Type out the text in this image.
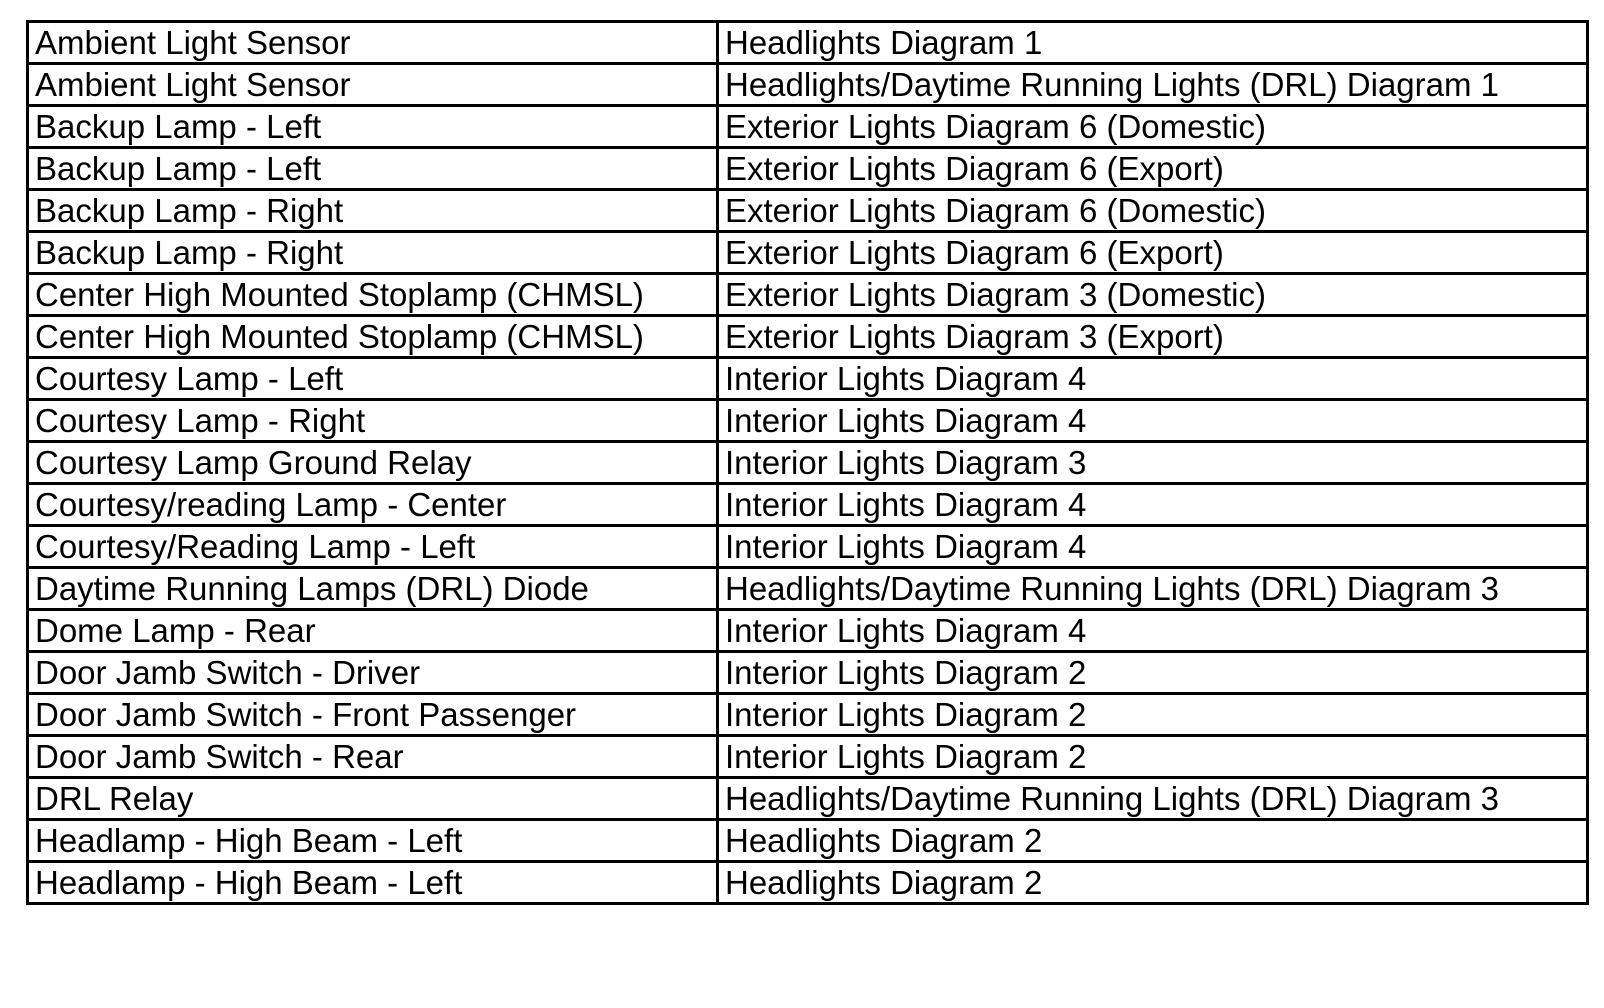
Ambient Light Sensor	Headlights Diagram 1
Ambient Light Sensor	Headlights/Daytime Running Lights (DRL) Diagram 1
Backup Lamp - Left	Exterior Lights Diagram 6 (Domestic)
Backup Lamp - Left	Exterior Lights Diagram 6 (Export)
Backup Lamp - Right	Exterior Lights Diagram 6 (Domestic)
Backup Lamp - Right	Exterior Lights Diagram 6 (Export)
Center High Mounted Stoplamp (CHMSL)	Exterior Lights Diagram 3 (Domestic)
Center High Mounted Stoplamp (CHMSL)	Exterior Lights Diagram 3 (Export)
Courtesy Lamp - Left	Interior Lights Diagram 4
Courtesy Lamp - Right	Interior Lights Diagram 4
Courtesy Lamp Ground Relay	Interior Lights Diagram 3
Courtesy/reading Lamp - Center	Interior Lights Diagram 4
Courtesy/Reading Lamp - Left	Interior Lights Diagram 4
Daytime Running Lamps (DRL) Diode	Headlights/Daytime Running Lights (DRL) Diagram 3
Dome Lamp - Rear	Interior Lights Diagram 4
Door Jamb Switch - Driver	Interior Lights Diagram 2
Door Jamb Switch - Front Passenger	Interior Lights Diagram 2
Door Jamb Switch - Rear	Interior Lights Diagram 2
DRL Relay	Headlights/Daytime Running Lights (DRL) Diagram 3
Headlamp - High Beam - Left	Headlights Diagram 2
Headlamp - High Beam - Left	Headlights Diagram 2
